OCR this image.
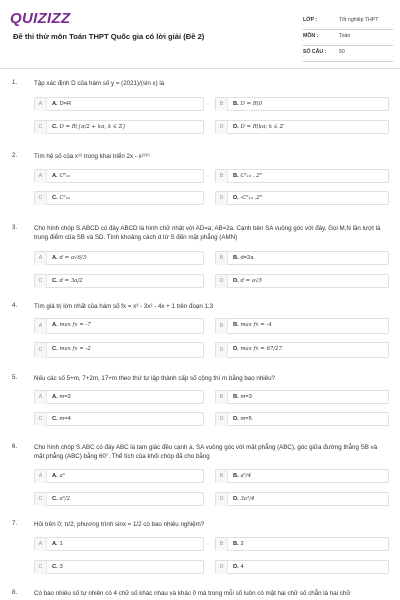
QUIZIZZ
Đề thi thử môn Toán THPT Quốc gia có lời giải (Đề 2)
LỚP :	Tốt nghiệp THPT
MÔN :	Toán
SỐ CÂU : 50
1.	Tập xác định D của hàm số y = (2021)/(sin x) là
A	A. D=R	B	B. D = R\0
C	C. D = R\{π/2 + kπ, k ∈ Z}	D	D. D = R\kπ; k ∈ Z
2.	Tìm hệ số của x¹² trong khai triển 2x - x²⁾¹⁰
A	A. C⁸₁₀	B	B. C²₁₀ . 2⁸
C	C. C²₁₀	D	D. -C²₁₀ .2⁸
3.	Cho hình chóp S.ABCD có đáy ABCD là hình chữ nhật với AD=a; AB=2a. Cạnh bên SA vuông góc với đáy. Gọi M,N lần lượt là trung điểm của SB và SD. Tính khoảng cách d từ S đến mặt phẳng (AMN)
A	A. d = a√6/3	B	B. d=2a
C	C. d = 3a/2	D	D. d = a√5
4.	Tìm giá trị lớn nhất của hàm số fx = x³ - 3x² - 4x + 1 trên đoạn 1;3
A	A. max fx = -7	B	B. max fx = -4
C	C. max fx = -2	D	D. max fx = 67/27
5.	Nếu các số 5+m, 7+2m, 17+m theo thứ tự lập thành cấp số cộng thì m bằng bao nhiêu?
A	A. m=2	B	B. m=3
C	C. m=4	D	D. m=5
6.	Cho hình chóp S.ABC có đáy ABC là tam giác đều cạnh a, SA vuông góc với mặt phẳng (ABC), góc giữa đường thẳng SB và mặt phẳng (ABC) bằng 60°. Thể tích của khối chóp đã cho bằng
A	A. a³	B	B. a³/4
C	C. a³/2	D	D. 3a³/4
7.	Hỏi trên 0; π/2, phương trình sinx = 1/2 có bao nhiêu nghiệm?
A	A. 1	B	B. 2
C	C. 3	D	D. 4
8.	Có bao nhiêu số tự nhiên có 4 chữ số khác nhau và khác 0 mà trong mỗi số luôn có mặt hai chữ số chẵn là hai chữ
